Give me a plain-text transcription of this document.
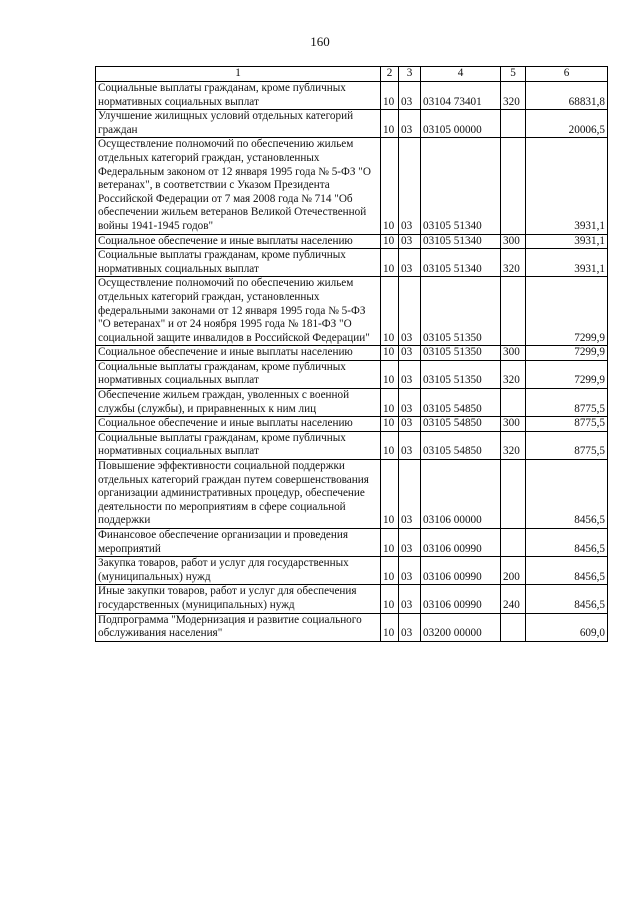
160
1	2	3	4	5	6
Социальные выплаты гражданам, кроме публичных нормативных социальных выплат	10	03	03104 73401	320	68831,8
Улучшение жилищных условий отдельных категорий граждан	10	03	03105 00000		20006,5
Осуществление полномочий по обеспечению жильем отдельных категорий граждан, установленных Федеральным законом от 12 января 1995 года № 5-ФЗ "О ветеранах", в соответствии с Указом Президента Российской Федерации от 7 мая 2008 года № 714 "Об обеспечении жильем ветеранов Великой Отечественной войны 1941-1945 годов"	10	03	03105 51340		3931,1
Социальное обеспечение и иные выплаты населению	10	03	03105 51340	300	3931,1
Социальные выплаты гражданам, кроме публичных нормативных социальных выплат	10	03	03105 51340	320	3931,1
Осуществление полномочий по обеспечению жильем отдельных категорий граждан, установленных федеральными законами от 12 января 1995 года № 5-ФЗ "О ветеранах" и от 24 ноября 1995 года № 181-ФЗ "О социальной защите инвалидов в Российской Федерации"	10	03	03105 51350		7299,9
Социальное обеспечение и иные выплаты населению	10	03	03105 51350	300	7299,9
Социальные выплаты гражданам, кроме публичных нормативных социальных выплат	10	03	03105 51350	320	7299,9
Обеспечение жильем граждан, уволенных с военной службы (службы), и приравненных к ним лиц	10	03	03105 54850		8775,5
Социальное обеспечение и иные выплаты населению	10	03	03105 54850	300	8775,5
Социальные выплаты гражданам, кроме публичных нормативных социальных выплат	10	03	03105 54850	320	8775,5
Повышение эффективности социальной поддержки отдельных категорий граждан путем совершенствования организации административных процедур, обеспечение деятельности по мероприятиям в сфере социальной поддержки	10	03	03106 00000		8456,5
Финансовое обеспечение организации и проведения мероприятий	10	03	03106 00990		8456,5
Закупка товаров, работ и услуг для государственных (муниципальных) нужд	10	03	03106 00990	200	8456,5
Иные закупки товаров, работ и услуг для обеспечения государственных (муниципальных) нужд	10	03	03106 00990	240	8456,5
Подпрограмма "Модернизация и развитие социального обслуживания населения"	10	03	03200 00000		609,0
